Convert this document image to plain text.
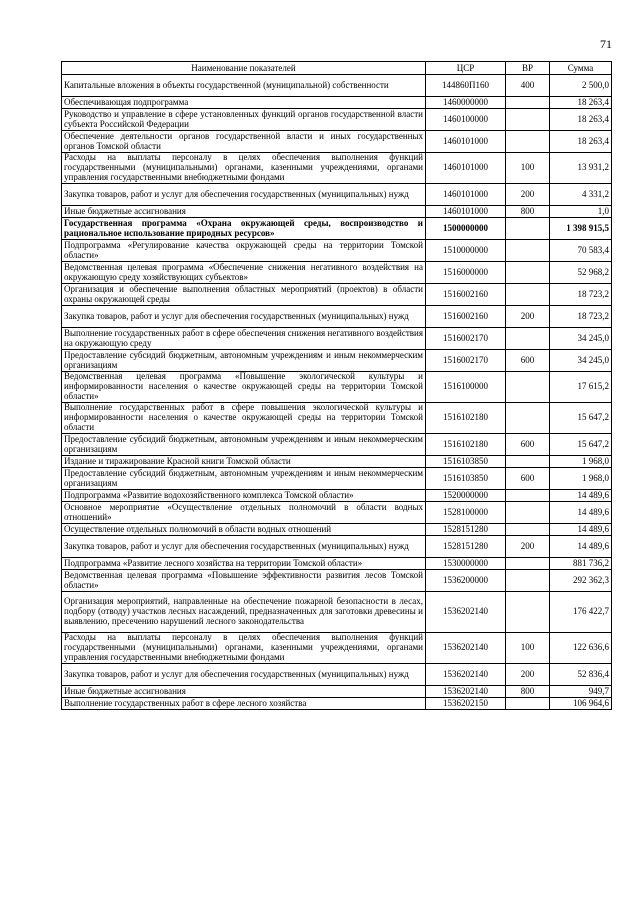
71
Наименование показателей	ЦСР	ВР	Сумма
Капитальные вложения в объекты государственной (муниципальной) собственности	144860П160	400	2 500,0
Обеспечивающая подпрограмма	1460000000		18 263,4
Руководство и управление в сфере установленных функций органов государственной власти субъекта Российской Федерации	1460100000		18 263,4
Обеспечение деятельности органов государственной власти и иных государственных органов Томской области	1460101000		18 263,4
Расходы на выплаты персоналу в целях обеспечения выполнения функций государственными (муниципальными) органами, казенными учреждениями, органами управления государственными внебюджетными фондами	1460101000	100	13 931,2
Закупка товаров, работ и услуг для обеспечения государственных (муниципальных) нужд	1460101000	200	4 331,2
Иные бюджетные ассигнования	1460101000	800	1,0
Государственная программа «Охрана окружающей среды, воспроизводство и рациональное использование природных ресурсов»	1500000000		1 398 915,5
Подпрограмма «Регулирование качества окружающей среды на территории Томской области»	1510000000		70 583,4
Ведомственная целевая программа «Обеспечение снижения негативного воздействия на окружающую среду хозяйствующих субъектов»	1516000000		52 968,2
Организация и обеспечение выполнения областных мероприятий (проектов) в области охраны окружающей среды	1516002160		18 723,2
Закупка товаров, работ и услуг для обеспечения государственных (муниципальных) нужд	1516002160	200	18 723,2
Выполнение государственных работ в сфере обеспечения снижения негативного воздействия на окружающую среду	1516002170		34 245,0
Предоставление субсидий бюджетным, автономным учреждениям и иным некоммерческим организациям	1516002170	600	34 245,0
Ведомственная целевая программа «Повышение экологической культуры и информированности населения о качестве окружающей среды на территории Томской области»	1516100000		17 615,2
Выполнение государственных работ в сфере повышения экологической культуры и информированности населения о качестве окружающей среды на территории Томской области	1516102180		15 647,2
Предоставление субсидий бюджетным, автономным учреждениям и иным некоммерческим организациям	1516102180	600	15 647,2
Издание и тиражирование Красной книги Томской области	1516103850		1 968,0
Предоставление субсидий бюджетным, автономным учреждениям и иным некоммерческим организациям	1516103850	600	1 968,0
Подпрограмма «Развитие водохозяйственного комплекса Томской области»	1520000000		14 489,6
Основное мероприятие «Осуществление отдельных полномочий в области водных отношений»	1528100000		14 489,6
Осуществление отдельных полномочий в области водных отношений	1528151280		14 489,6
Закупка товаров, работ и услуг для обеспечения государственных (муниципальных) нужд	1528151280	200	14 489,6
Подпрограмма «Развитие лесного хозяйства на территории Томской области»	1530000000		881 736,2
Ведомственная целевая программа «Повышение эффективности развития лесов Томской области»	1536200000		292 362,3
Организация мероприятий, направленные на обеспечение пожарной безопасности в лесах, подбору (отводу) участков лесных насаждений, предназначенных для заготовки древесины и выявлению, пресечению нарушений лесного законодательства	1536202140		176 422,7
Расходы на выплаты персоналу в целях обеспечения выполнения функций государственными (муниципальными) органами, казенными учреждениями, органами управления государственными внебюджетными фондами	1536202140	100	122 636,6
Закупка товаров, работ и услуг для обеспечения государственных (муниципальных) нужд	1536202140	200	52 836,4
Иные бюджетные ассигнования	1536202140	800	949,7
Выполнение государственных работ в сфере лесного хозяйства	1536202150		106 964,6
